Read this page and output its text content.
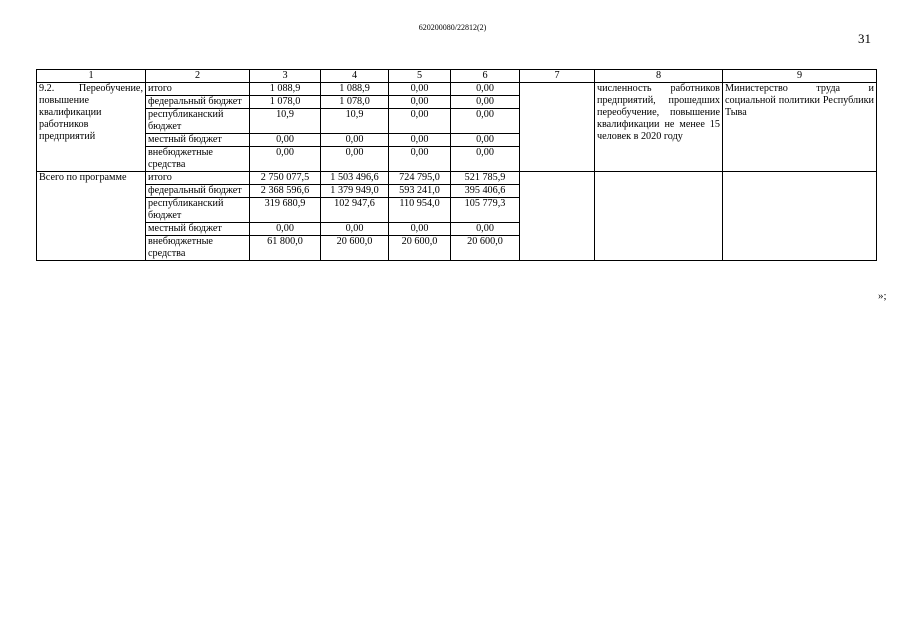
620200080/22812(2)
31
1	2	3	4	5	6	7	8	9
9.2. Переобучение, повышение квалификации работников предприятий	итого	1 088,9	1 088,9	0,00	0,00		численность работников предприятий, прошедших переобучение, повышение квалификации не менее 15 человек в 2020 году	Министерство труда и социальной политики Республики Тыва
	федеральный бюджет	1 078,0	1 078,0	0,00	0,00			
	республиканский бюджет	10,9	10,9	0,00	0,00			
	местный бюджет	0,00	0,00	0,00	0,00			
	внебюджетные средства	0,00	0,00	0,00	0,00			
Всего по программе	итого	2 750 077,5	1 503 496,6	724 795,0	521 785,9			
	федеральный бюджет	2 368 596,6	1 379 949,0	593 241,0	395 406,6			
	республиканский бюджет	319 680,9	102 947,6	110 954,0	105 779,3			
	местный бюджет	0,00	0,00	0,00	0,00			
	внебюджетные средства	61 800,0	20 600,0	20 600,0	20 600,0			
»;
